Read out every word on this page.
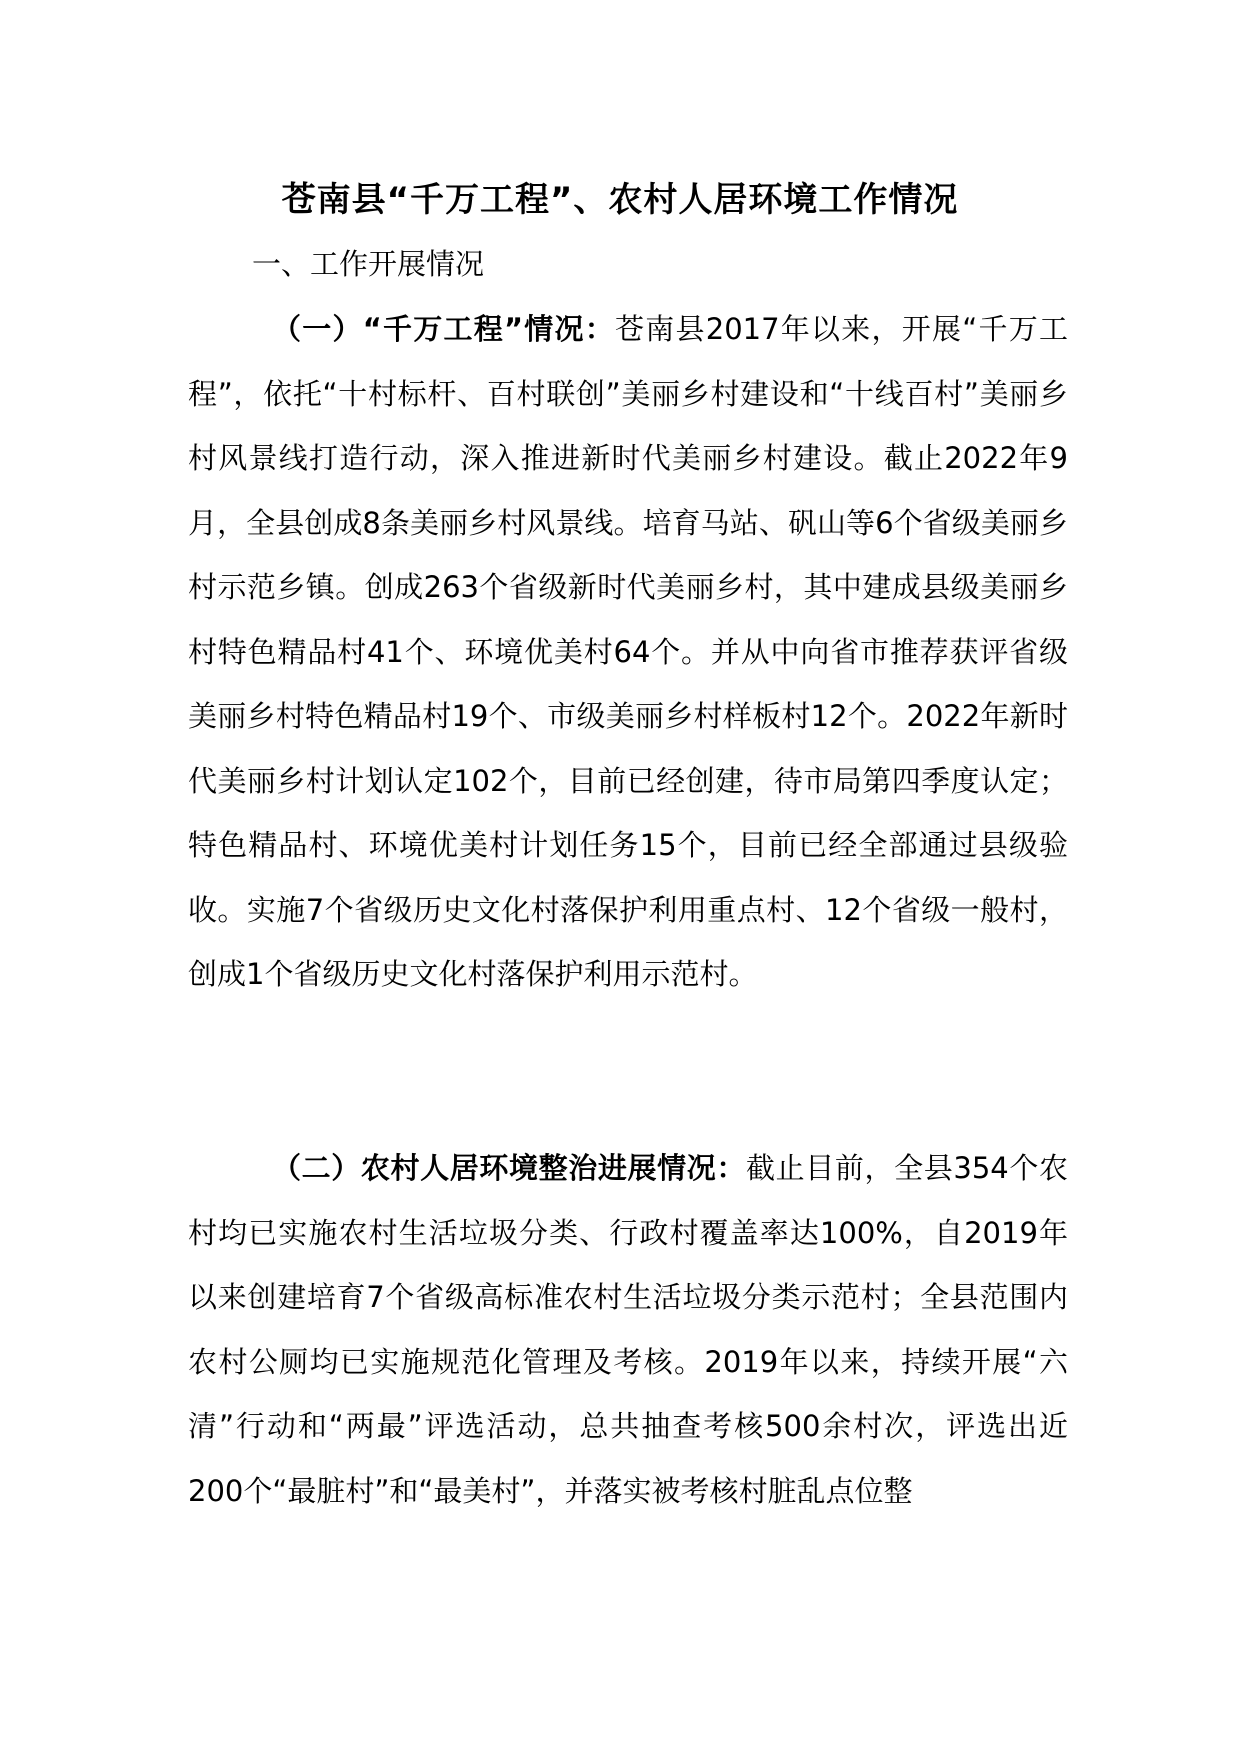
苍南县“千万工程”、农村人居环境工作情况
一、工作开展情况
（一）“千万工程”情况：苍南县2017年以来，开展“千万工程”，依托“十村标杆、百村联创”美丽乡村建设和“十线百村”美丽乡村风景线打造行动，深入推进新时代美丽乡村建设。截止2022年9月，全县创成8条美丽乡村风景线。培育马站、矾山等6个省级美丽乡村示范乡镇。创成263个省级新时代美丽乡村，其中建成县级美丽乡村特色精品村41个、环境优美村64个。并从中向省市推荐获评省级美丽乡村特色精品村19个、市级美丽乡村样板村12个。2022年新时代美丽乡村计划认定102个，目前已经创建，待市局第四季度认定；特色精品村、环境优美村计划任务15个，目前已经全部通过县级验收。实施7个省级历史文化村落保护利用重点村、12个省级一般村，创成1个省级历史文化村落保护利用示范村。
（二）农村人居环境整治进展情况：截止目前，全县354个农村均已实施农村生活垃圾分类、行政村覆盖率达100%，自2019年以来创建培育7个省级高标准农村生活垃圾分类示范村；全县范围内农村公厕均已实施规范化管理及考核。2019年以来，持续开展“六清”行动和“两最”评选活动，总共抽查考核500余村次，评选出近200个“最脏村”和“最美村”，并落实被考核村脏乱点位整
